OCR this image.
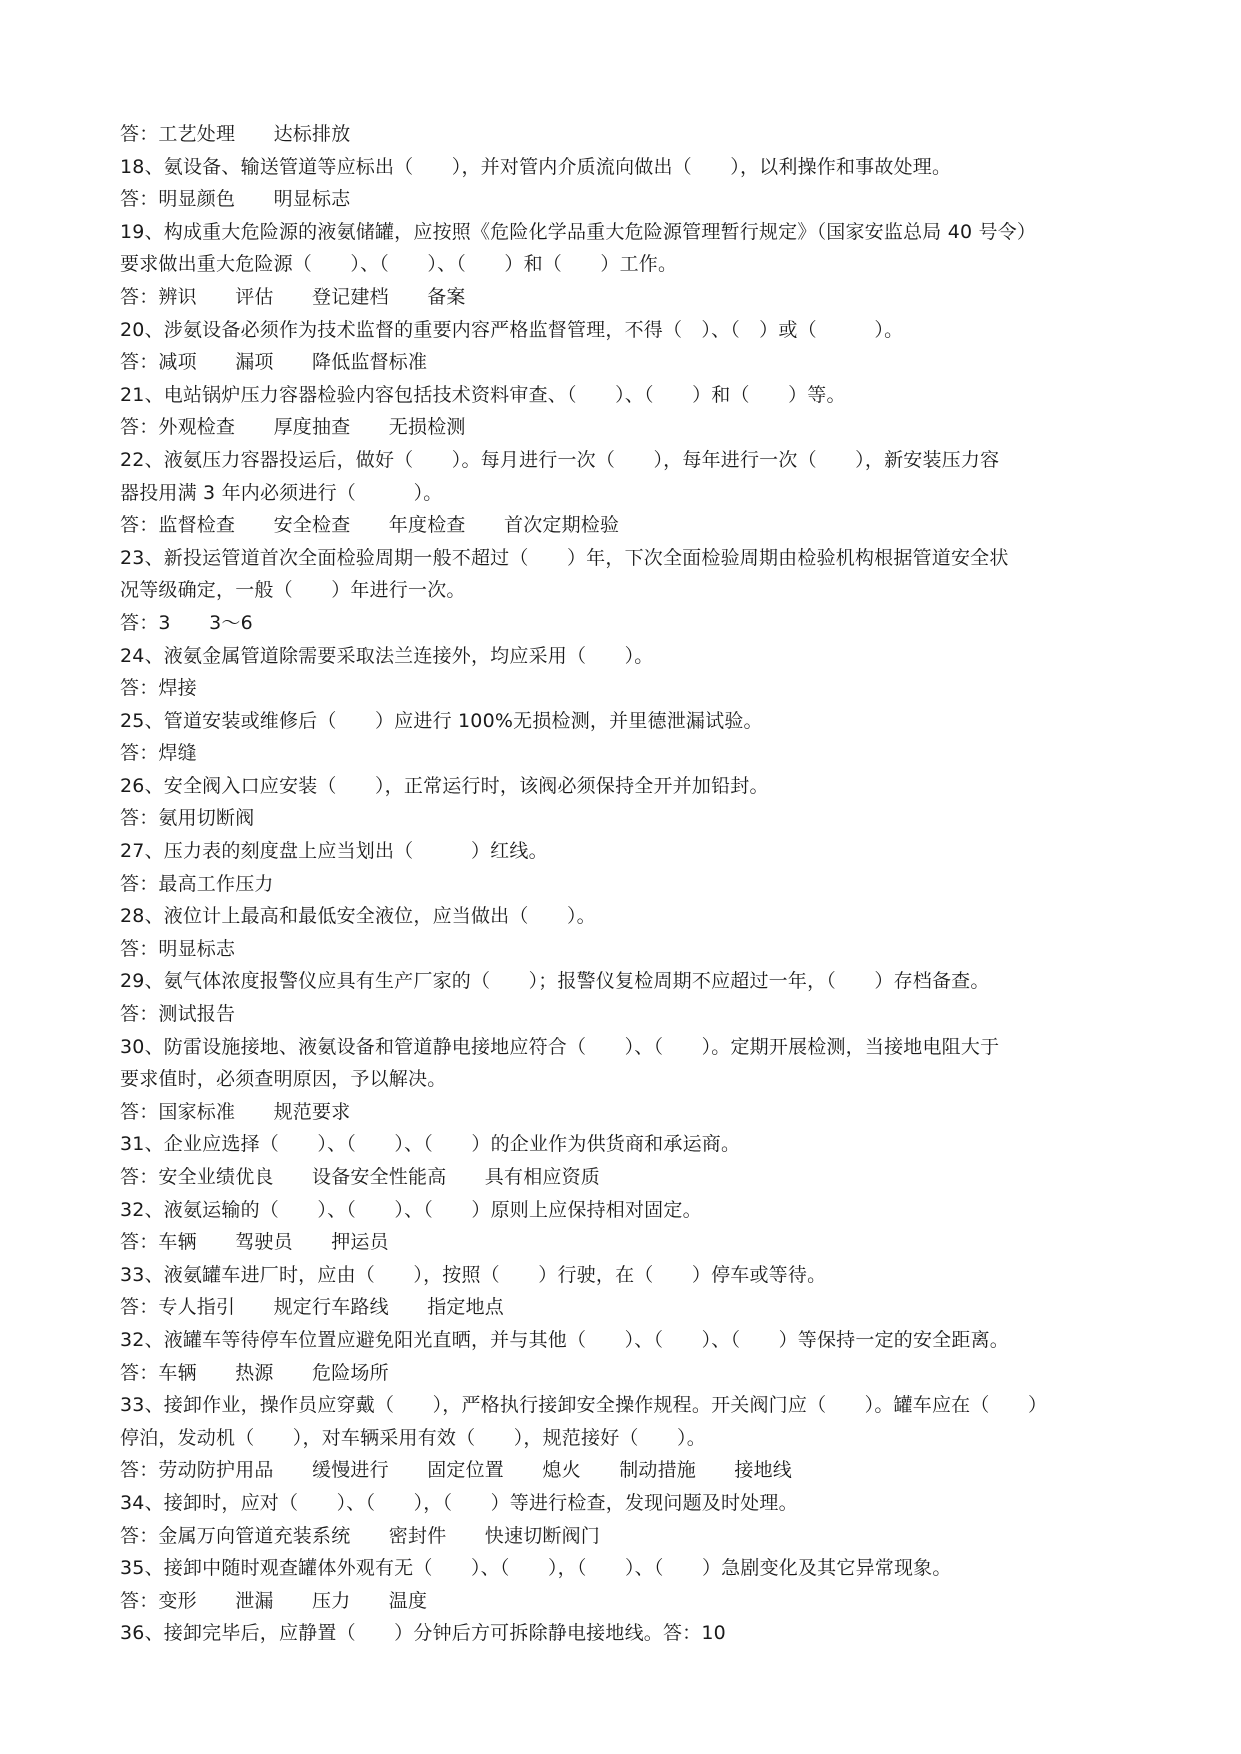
答：工艺处理　　达标排放
18、氨设备、输送管道等应标出（　　），并对管内介质流向做出（　　），以利操作和事故处理。
答：明显颜色　　明显标志
19、构成重大危险源的液氨储罐，应按照《危险化学品重大危险源管理暂行规定》（国家安监总局 40 号令）
要求做出重大危险源（　　）、（　　）、（　　）和（　　）工作。
答：辨识　　评估　　登记建档　　备案
20、涉氨设备必须作为技术监督的重要内容严格监督管理，不得（　）、（　）或（　　　）。
答：减项　　漏项　　降低监督标准
21、电站锅炉压力容器检验内容包括技术资料审查、（　　）、（　　）和（　　）等。
答：外观检查　　厚度抽查　　无损检测
22、液氨压力容器投运后，做好（　　）。每月进行一次（　　），每年进行一次（　　），新安装压力容
器投用满 3 年内必须进行（　　　）。
答：监督检查　　安全检查　　年度检查　　首次定期检验
23、新投运管道首次全面检验周期一般不超过（　　）年，下次全面检验周期由检验机构根据管道安全状
况等级确定，一般（　　）年进行一次。
答：3　　3～6
24、液氨金属管道除需要采取法兰连接外，均应采用（　　）。
答：焊接
25、管道安装或维修后（　　）应进行 100%无损检测，并里德泄漏试验。
答：焊缝
26、安全阀入口应安装（　　），正常运行时，该阀必须保持全开并加铅封。
答：氨用切断阀
27、压力表的刻度盘上应当划出（　　　）红线。
答：最高工作压力
28、液位计上最高和最低安全液位，应当做出（　　）。
答：明显标志
29、氨气体浓度报警仪应具有生产厂家的（　　）；报警仪复检周期不应超过一年，（　　）存档备查。
答：测试报告
30、防雷设施接地、液氨设备和管道静电接地应符合（　　）、（　　）。定期开展检测，当接地电阻大于
要求值时，必须查明原因，予以解决。
答：国家标准　　规范要求
31、企业应选择（　　）、（　　）、（　　）的企业作为供货商和承运商。
答：安全业绩优良　　设备安全性能高　　具有相应资质
32、液氨运输的（　　）、（　　）、（　　）原则上应保持相对固定。
答：车辆　　驾驶员　　押运员
33、液氨罐车进厂时，应由（　　），按照（　　）行驶，在（　　）停车或等待。
答：专人指引　　规定行车路线　　指定地点
32、液罐车等待停车位置应避免阳光直晒，并与其他（　　）、（　　）、（　　）等保持一定的安全距离。
答：车辆　　热源　　危险场所
33、接卸作业，操作员应穿戴（　　），严格执行接卸安全操作规程。开关阀门应（　　）。罐车应在（　　）
停泊，发动机（　　），对车辆采用有效（　　），规范接好（　　）。
答：劳动防护用品　　缓慢进行　　固定位置　　熄火　　制动措施　　接地线
34、接卸时，应对（　　）、（　　），（　　）等进行检查，发现问题及时处理。
答：金属万向管道充装系统　　密封件　　快速切断阀门
35、接卸中随时观查罐体外观有无（　　）、（　　），（　　）、（　　）急剧变化及其它异常现象。
答：变形　　泄漏　　压力　　温度
36、接卸完毕后，应静置（　　）分钟后方可拆除静电接地线。答：10
